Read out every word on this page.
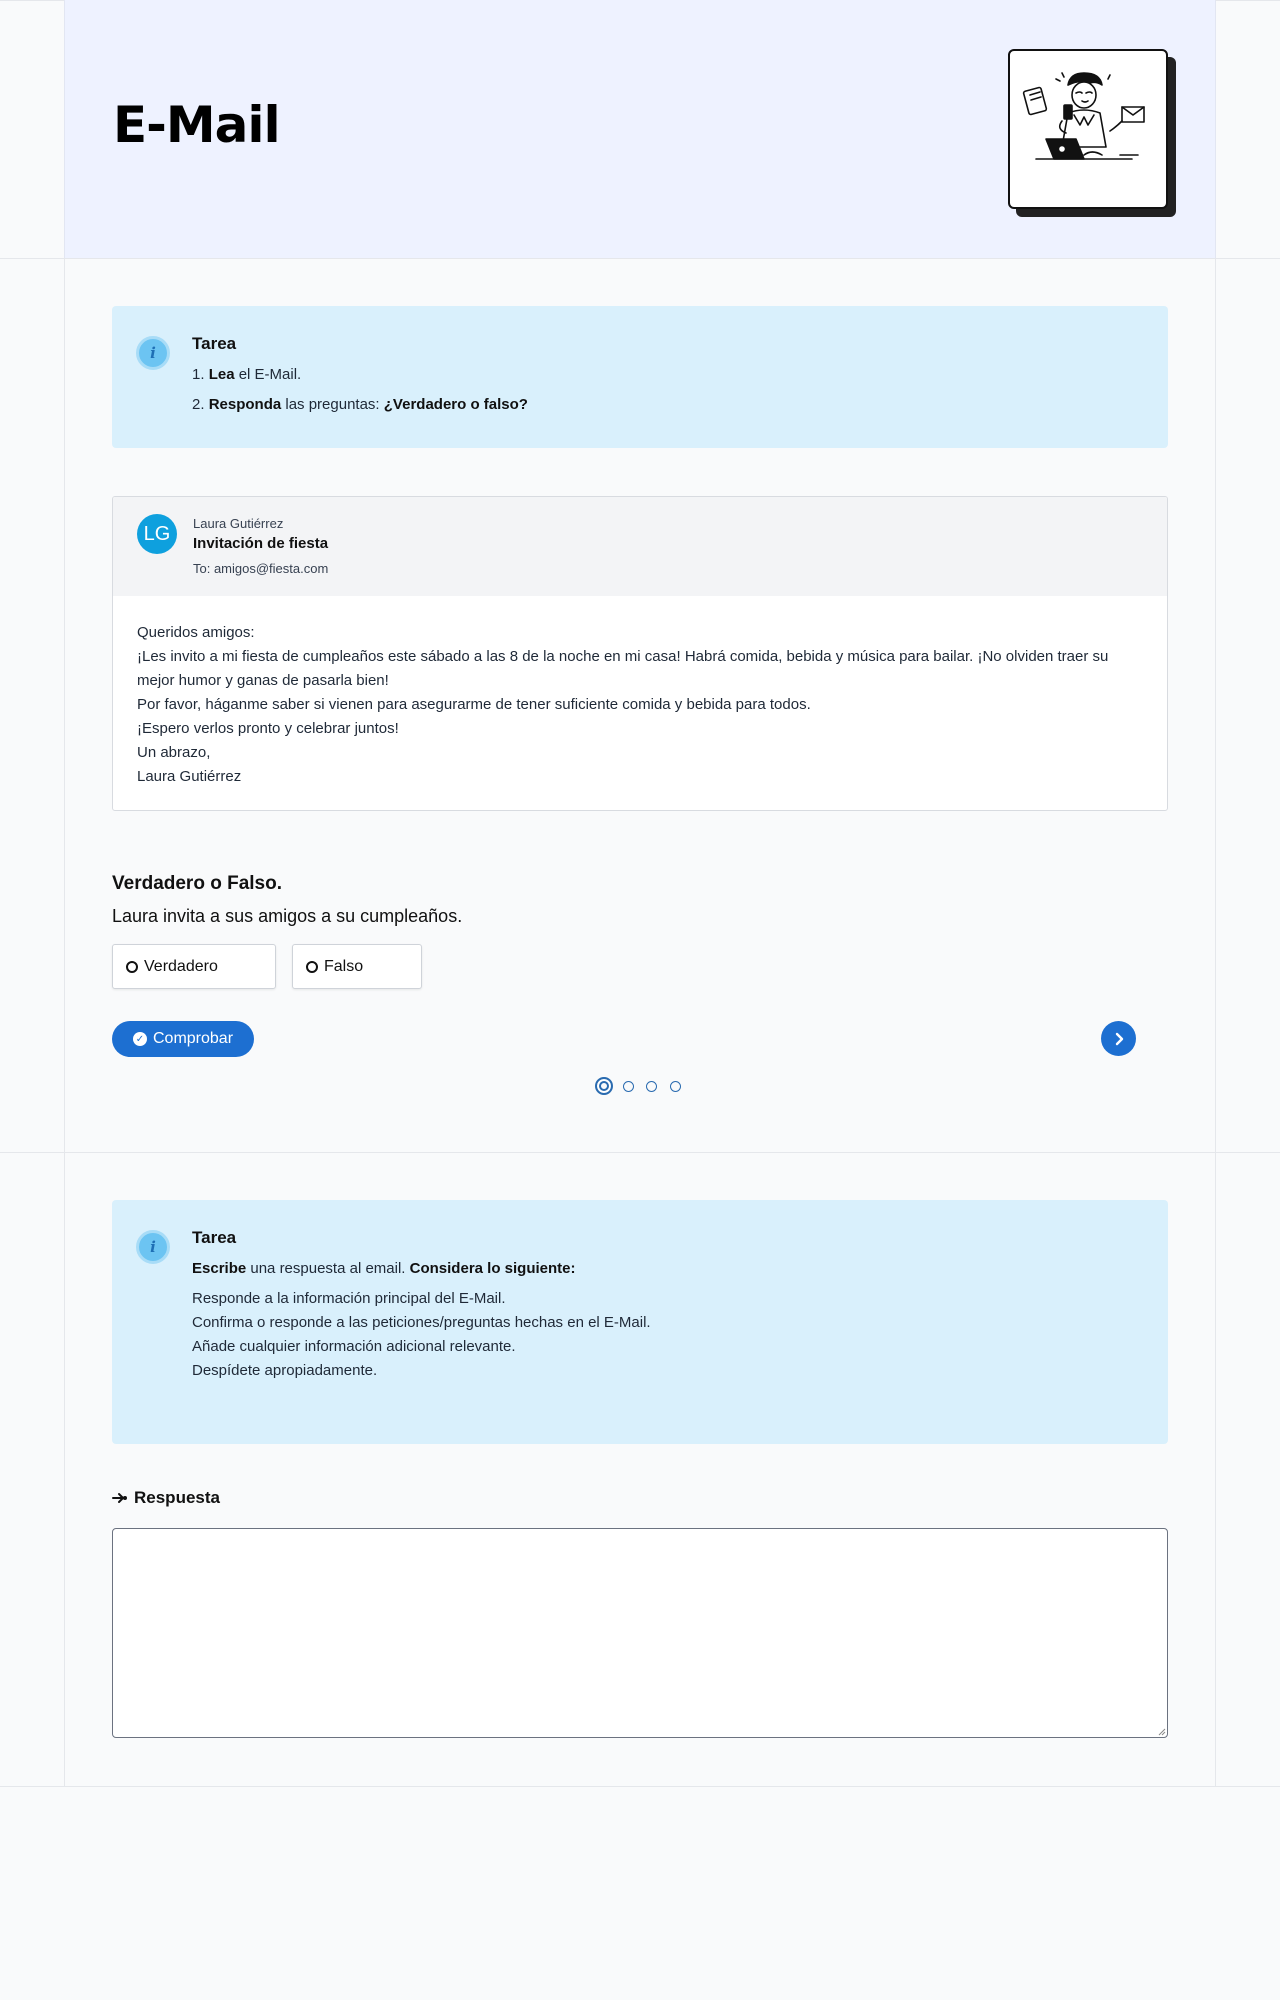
E-Mail
i	Tarea
1. Lea el E-Mail.
2. Responda las preguntas: ¿Verdadero o falso?
LG	Laura Gutiérrez
Invitación de fiesta
To: amigos@fiesta.com
Queridos amigos:
¡Les invito a mi fiesta de cumpleaños este sábado a las 8 de la noche en mi casa! Habrá comida, bebida y música para bailar. ¡No olviden traer su mejor humor y ganas de pasarla bien!
Por favor, háganme saber si vienen para asegurarme de tener suficiente comida y bebida para todos.
¡Espero verlos pronto y celebrar juntos!
Un abrazo,
Laura Gutiérrez
Verdadero o Falso.
Laura invita a sus amigos a su cumpleaños.
Verdadero	Falso
✓ Comprobar
i	Tarea
Escribe una respuesta al email. Considera lo siguiente:
Responde a la información principal del E-Mail.
Confirma o responde a las peticiones/preguntas hechas en el E-Mail.
Añade cualquier información adicional relevante.
Despídete apropiadamente.
Respuesta
